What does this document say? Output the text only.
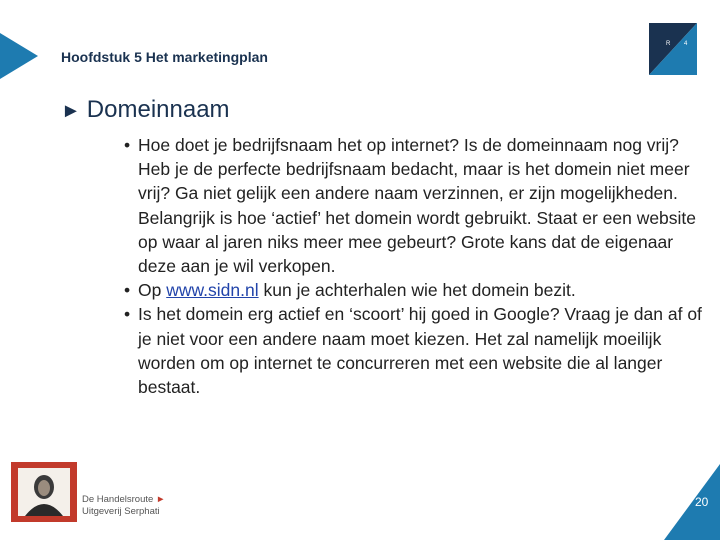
Hoofdstuk 5 Het marketingplan
R 4
► Domeinnaam
• Hoe doet je bedrijfsnaam het op internet? Is de domeinnaam nog vrij? Heb je de perfecte bedrijfsnaam bedacht, maar is het domein niet meer vrij? Ga niet gelijk een andere naam verzinnen, er zijn mogelijkheden. Belangrijk is hoe ‘actief’ het domein wordt gebruikt. Staat er een website op waar al jaren niks meer mee gebeurt? Grote kans dat de eigenaar deze aan je wil verkopen.
• Op www.sidn.nl kun je achterhalen wie het domein bezit.
• Is het domein erg actief en ‘scoort’ hij goed in Google? Vraag je dan af of je niet voor een andere naam moet kiezen. Het zal namelijk moeilijk worden om op internet te concurreren met een website die al langer bestaat.
De Handelsroute ►
Uitgeverij Serphati
20
